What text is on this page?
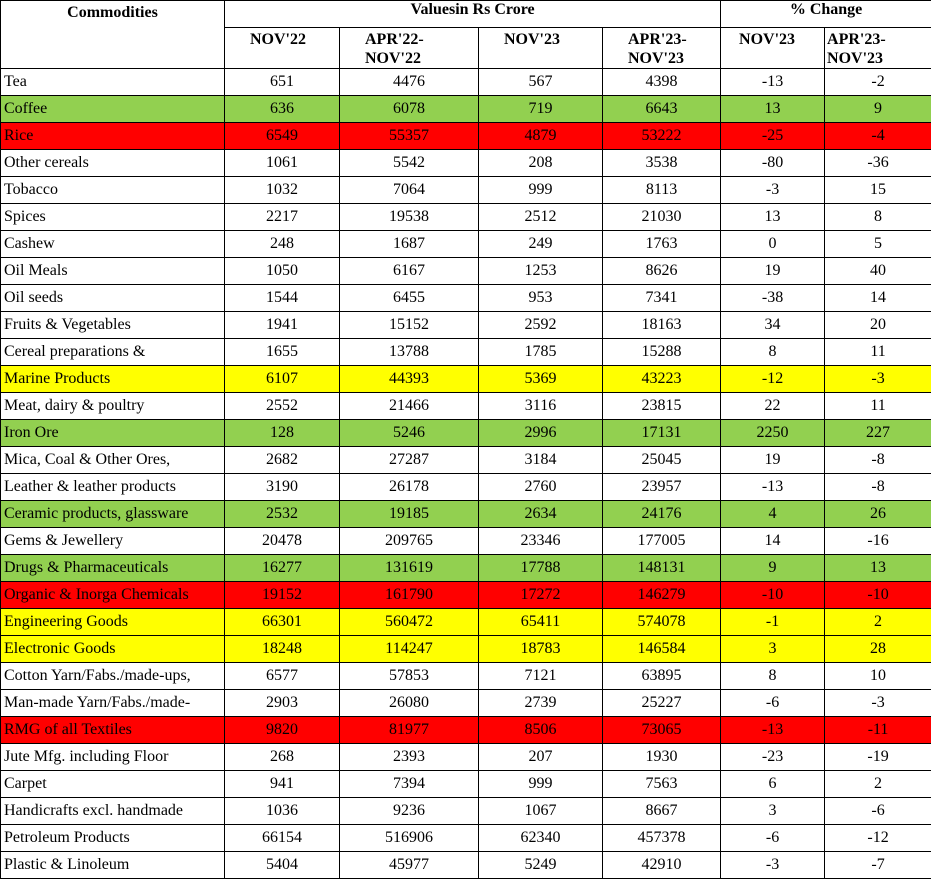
Commodities	Valuesin Rs Crore				% Change	
	NOV'22	APR'22-NOV'22	NOV'23	APR'23-NOV'23	NOV'23	APR'23-NOV'23
Tea	651	4476	567	4398	-13	-2
Coffee	636	6078	719	6643	13	9
Rice	6549	55357	4879	53222	-25	-4
Other cereals	1061	5542	208	3538	-80	-36
Tobacco	1032	7064	999	8113	-3	15
Spices	2217	19538	2512	21030	13	8
Cashew	248	1687	249	1763	0	5
Oil Meals	1050	6167	1253	8626	19	40
Oil seeds	1544	6455	953	7341	-38	14
Fruits & Vegetables	1941	15152	2592	18163	34	20
Cereal preparations &	1655	13788	1785	15288	8	11
Marine Products	6107	44393	5369	43223	-12	-3
Meat, dairy & poultry	2552	21466	3116	23815	22	11
Iron Ore	128	5246	2996	17131	2250	227
Mica, Coal & Other Ores,	2682	27287	3184	25045	19	-8
Leather & leather products	3190	26178	2760	23957	-13	-8
Ceramic products, glassware	2532	19185	2634	24176	4	26
Gems & Jewellery	20478	209765	23346	177005	14	-16
Drugs & Pharmaceuticals	16277	131619	17788	148131	9	13
Organic & Inorga Chemicals	19152	161790	17272	146279	-10	-10
Engineering Goods	66301	560472	65411	574078	-1	2
Electronic Goods	18248	114247	18783	146584	3	28
Cotton Yarn/Fabs./made-ups,	6577	57853	7121	63895	8	10
Man-made Yarn/Fabs./made-	2903	26080	2739	25227	-6	-3
RMG of all Textiles	9820	81977	8506	73065	-13	-11
Jute Mfg. including Floor	268	2393	207	1930	-23	-19
Carpet	941	7394	999	7563	6	2
Handicrafts excl. handmade	1036	9236	1067	8667	3	-6
Petroleum Products	66154	516906	62340	457378	-6	-12
Plastic & Linoleum	5404	45977	5249	42910	-3	-7
